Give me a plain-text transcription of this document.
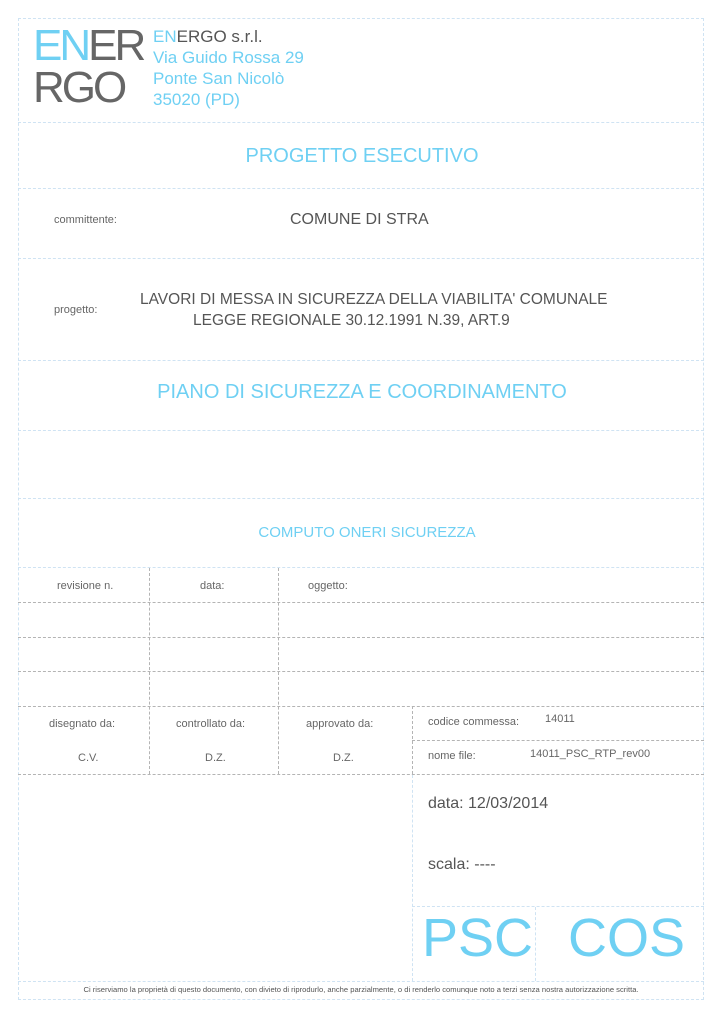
ENER
RGO
ENERGO s.r.l.
Via Guido Rossa 29
Ponte San Nicolò
35020 (PD)
PROGETTO ESECUTIVO
committente:	COMUNE DI STRA
progetto:
LAVORI DI MESSA IN SICUREZZA DELLA VIABILITA' COMUNALE
LEGGE REGIONALE 30.12.1991 N.39, ART.9
PIANO DI SICUREZZA E COORDINAMENTO
COMPUTO ONERI SICUREZZA
revisione n.	data:	oggetto:
disegnato da:	controllato da:	approvato da:
C.V.	D.Z.	D.Z.
codice commessa: 14011
nome file:	14011_PSC_RTP_rev00
data: 12/03/2014
scala: ----
PSC COS
Ci riserviamo la proprietà di questo documento, con divieto di riprodurlo, anche parzialmente, o di renderlo comunque noto a terzi senza nostra autorizzazione scritta.
